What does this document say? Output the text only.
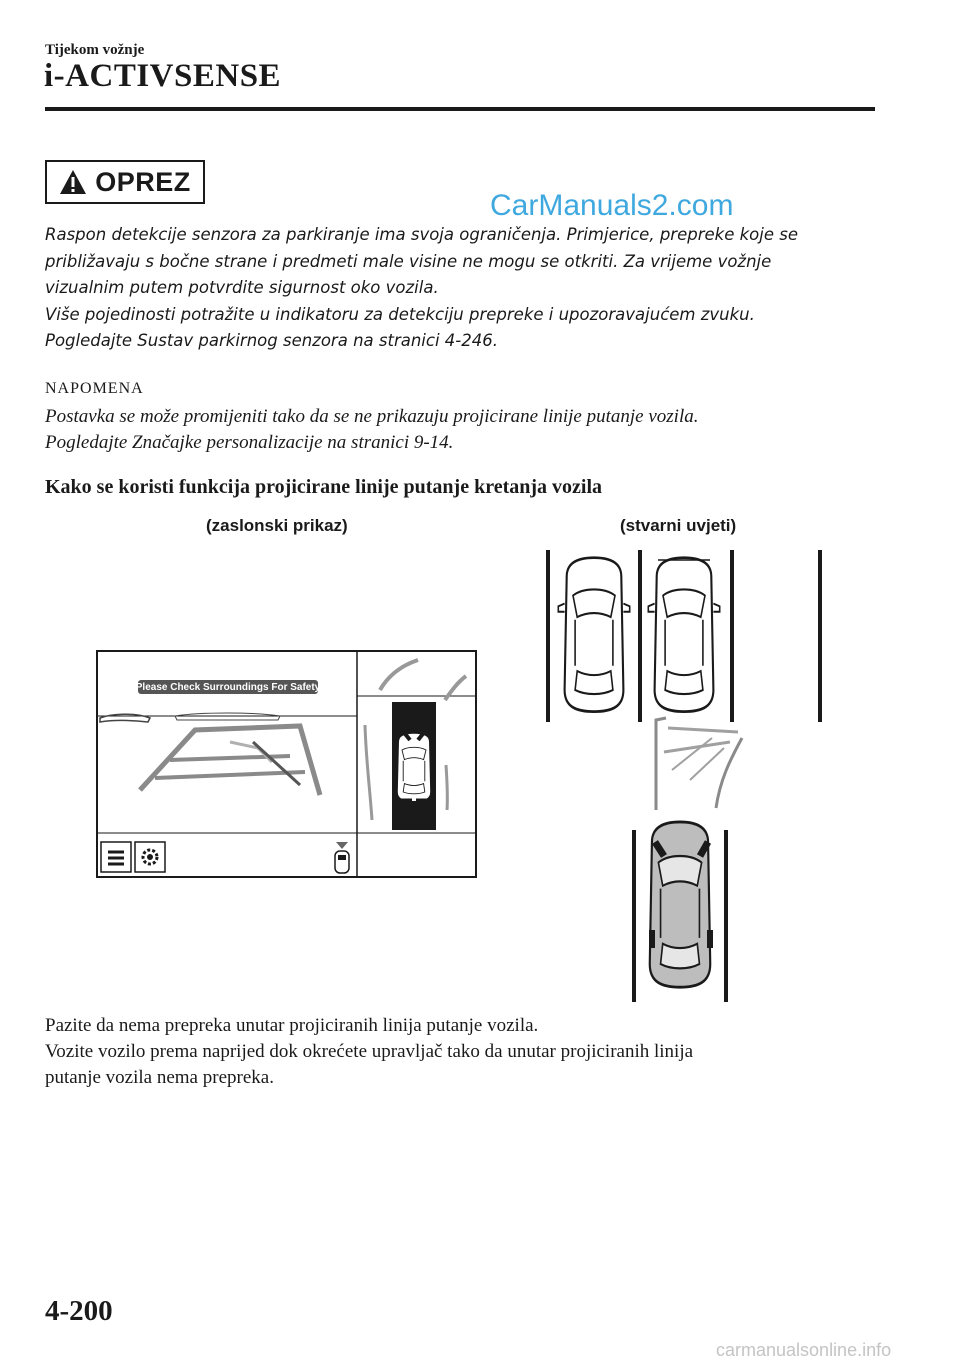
Tijekom vožnje
i-ACTIVSENSE
OPREZ
CarManuals2.com

Raspon detekcije senzora za parkiranje ima svoja ograničenja. Primjerice, prepreke koje se

približavaju s bočne strane i predmeti male visine ne mogu se otkriti. Za vrijeme vožnje

vizualnim putem potvrdite sigurnost oko vozila.

Više pojedinosti potražite u indikatoru za detekciju prepreke i upozoravajućem zvuku.

Pogledajte Sustav parkirnog senzora na stranici 4-246.

NAPOMENA

Postavka se može promijeniti tako da se ne prikazuju projicirane linije putanje vozila.

Pogledajte Značajke personalizacije na stranici 9-14.

Kako se koristi funkcija projicirane linije putanje kretanja vozila
(zaslonski prikaz)	(stvarni uvjeti)
Please Check Surroundings For Safety

Pazite da nema prepreka unutar projiciranih linija putanje vozila.

Vozite vozilo prema naprijed dok okrećete upravljač tako da unutar projiciranih linija

putanje vozila nema prepreka.

4-200
carmanualsonline.info
